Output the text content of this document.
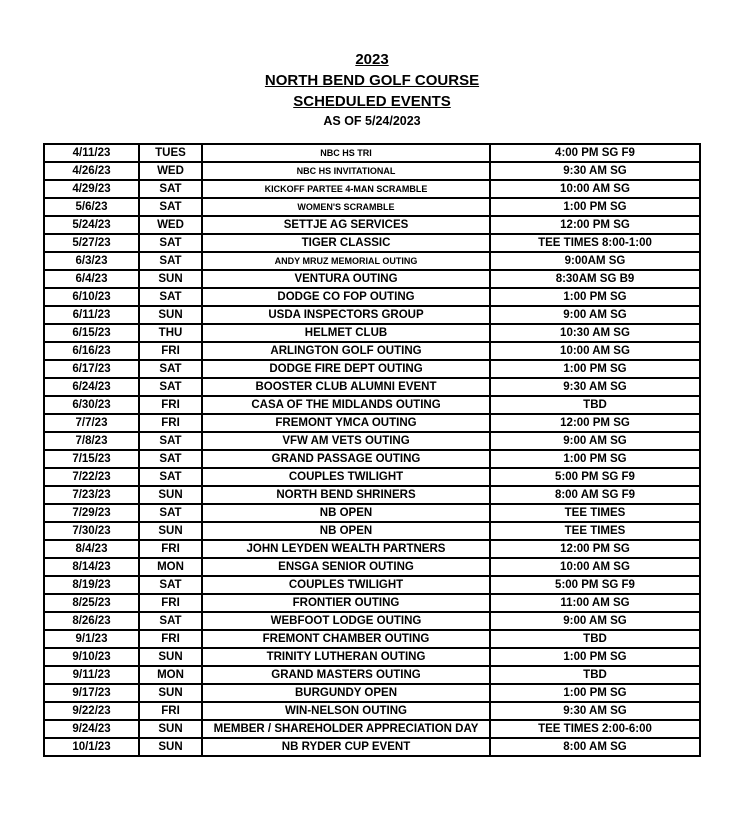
2023
NORTH BEND GOLF COURSE
SCHEDULED EVENTS
AS OF 5/24/2023
4/11/23	TUES	NBC HS TRI	4:00 PM SG F9
4/26/23	WED	NBC HS INVITATIONAL	9:30 AM SG
4/29/23	SAT	KICKOFF PARTEE 4-MAN SCRAMBLE	10:00 AM SG
5/6/23	SAT	WOMEN'S SCRAMBLE	1:00 PM SG
5/24/23	WED	SETTJE AG SERVICES	12:00 PM SG
5/27/23	SAT	TIGER CLASSIC	TEE TIMES 8:00-1:00
6/3/23	SAT	ANDY MRUZ MEMORIAL OUTING	9:00AM SG
6/4/23	SUN	VENTURA OUTING	8:30AM SG B9
6/10/23	SAT	DODGE CO FOP OUTING	1:00 PM SG
6/11/23	SUN	USDA INSPECTORS GROUP	9:00 AM SG
6/15/23	THU	HELMET CLUB	10:30 AM SG
6/16/23	FRI	ARLINGTON GOLF OUTING	10:00 AM SG
6/17/23	SAT	DODGE FIRE DEPT OUTING	1:00 PM SG
6/24/23	SAT	BOOSTER CLUB ALUMNI EVENT	9:30 AM SG
6/30/23	FRI	CASA OF THE MIDLANDS OUTING	TBD
7/7/23	FRI	FREMONT YMCA OUTING	12:00 PM SG
7/8/23	SAT	VFW AM VETS OUTING	9:00 AM SG
7/15/23	SAT	GRAND PASSAGE OUTING	1:00 PM SG
7/22/23	SAT	COUPLES TWILIGHT	5:00 PM SG F9
7/23/23	SUN	NORTH BEND SHRINERS	8:00 AM SG F9
7/29/23	SAT	NB OPEN	TEE TIMES
7/30/23	SUN	NB OPEN	TEE TIMES
8/4/23	FRI	JOHN LEYDEN WEALTH PARTNERS	12:00 PM SG
8/14/23	MON	ENSGA SENIOR OUTING	10:00 AM SG
8/19/23	SAT	COUPLES TWILIGHT	5:00 PM SG F9
8/25/23	FRI	FRONTIER OUTING	11:00 AM SG
8/26/23	SAT	WEBFOOT LODGE OUTING	9:00 AM SG
9/1/23	FRI	FREMONT CHAMBER OUTING	TBD
9/10/23	SUN	TRINITY LUTHERAN OUTING	1:00 PM SG
9/11/23	MON	GRAND MASTERS OUTING	TBD
9/17/23	SUN	BURGUNDY OPEN	1:00 PM SG
9/22/23	FRI	WIN-NELSON OUTING	9:30 AM SG
9/24/23	SUN	MEMBER / SHAREHOLDER APPRECIATION DAY	TEE TIMES 2:00-6:00
10/1/23	SUN	NB RYDER CUP EVENT	8:00 AM SG
